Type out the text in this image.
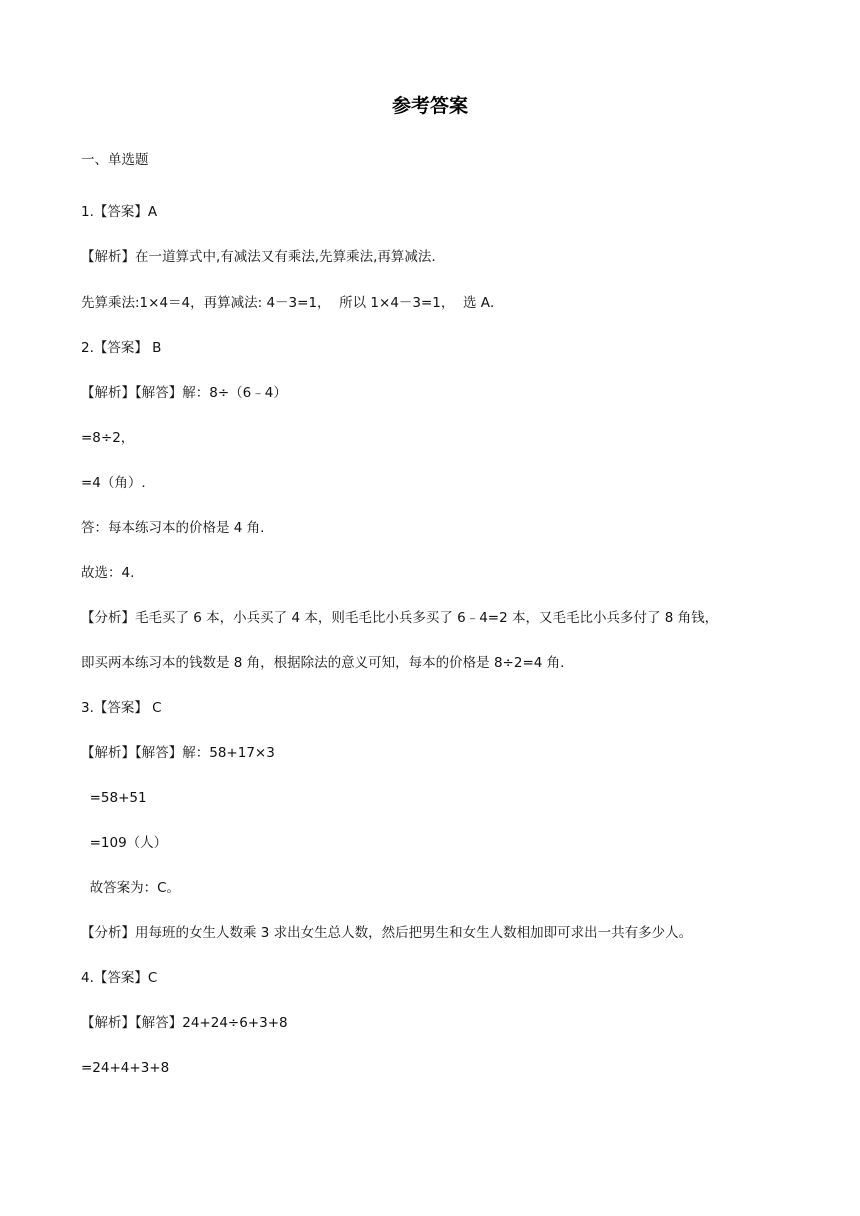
参考答案
一、单选题
1.【答案】A
【解析】在一道算式中,有减法又有乘法,先算乘法,再算减法.
先算乘法:1×4＝4，再算减法: 4－3=1，  所以 1×4－3=1，  选 A．
2.【答案】 B
【解析】【解答】解：8÷（6﹣4）
=8÷2，
=4（角）.
答：每本练习本的价格是 4 角.
故选：4.
【分析】毛毛买了 6 本，小兵买了 4 本，则毛毛比小兵多买了 6﹣4=2 本，又毛毛比小兵多付了 8 角钱，
即买两本练习本的钱数是 8 角，根据除法的意义可知，每本的价格是 8÷2=4 角.
3.【答案】 C
【解析】【解答】解：58+17×3
=58+51
=109（人）
故答案为：C。
【分析】用每班的女生人数乘 3 求出女生总人数，然后把男生和女生人数相加即可求出一共有多少人。
4.【答案】C
【解析】【解答】24+24÷6+3+8
=24+4+3+8
